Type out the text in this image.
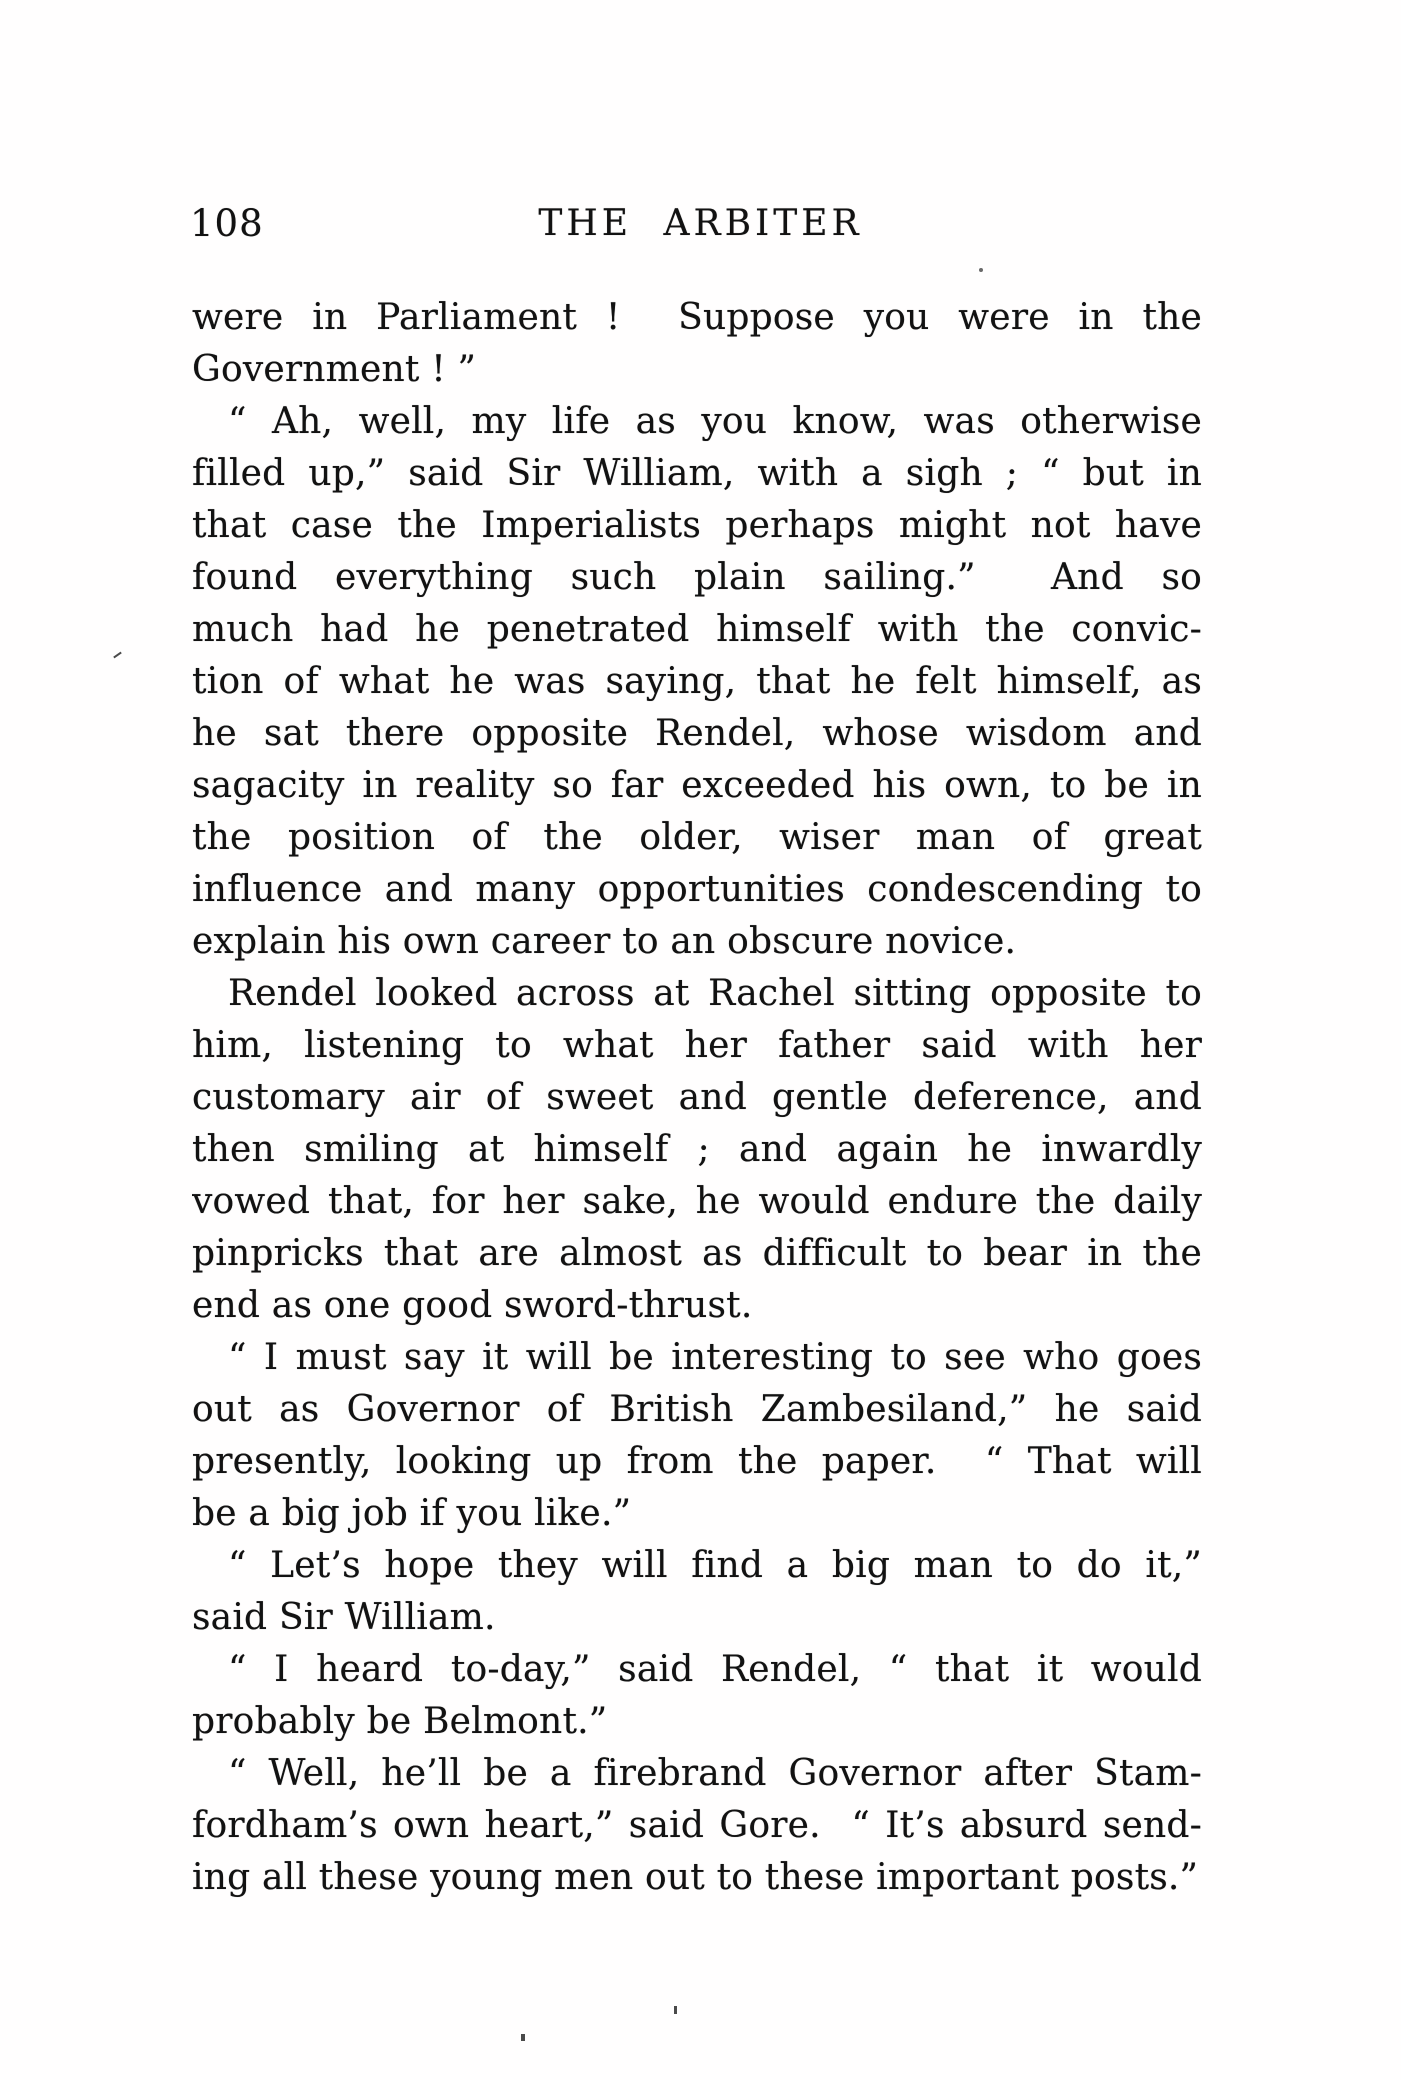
108	THE ARBITER
were in Parliament !  Suppose you were in the
Government ! ”
“ Ah, well, my life as you know, was otherwise
filled up,” said Sir William, with a sigh ; “ but in
that case the Imperialists perhaps might not have
found everything such plain sailing.”  And so
much had he penetrated himself with the convic-
tion of what he was saying, that he felt himself, as
he sat there opposite Rendel, whose wisdom and
sagacity in reality so far exceeded his own, to be in
the position of the older, wiser man of great
influence and many opportunities condescending to
explain his own career to an obscure novice.
Rendel looked across at Rachel sitting opposite to
him, listening to what her father said with her
customary air of sweet and gentle deference, and
then smiling at himself ; and again he inwardly
vowed that, for her sake, he would endure the daily
pinpricks that are almost as difficult to bear in the
end as one good sword-thrust.
“ I must say it will be interesting to see who goes
out as Governor of British Zambesiland,” he said
presently, looking up from the paper.  “ That will
be a big job if you like.”
“ Let’s hope they will find a big man to do it,”
said Sir William.
“ I heard to-day,” said Rendel, “ that it would
probably be Belmont.”
“ Well, he’ll be a firebrand Governor after Stam-
fordham’s own heart,” said Gore.  “ It’s absurd send-
ing all these young men out to these important posts.”
